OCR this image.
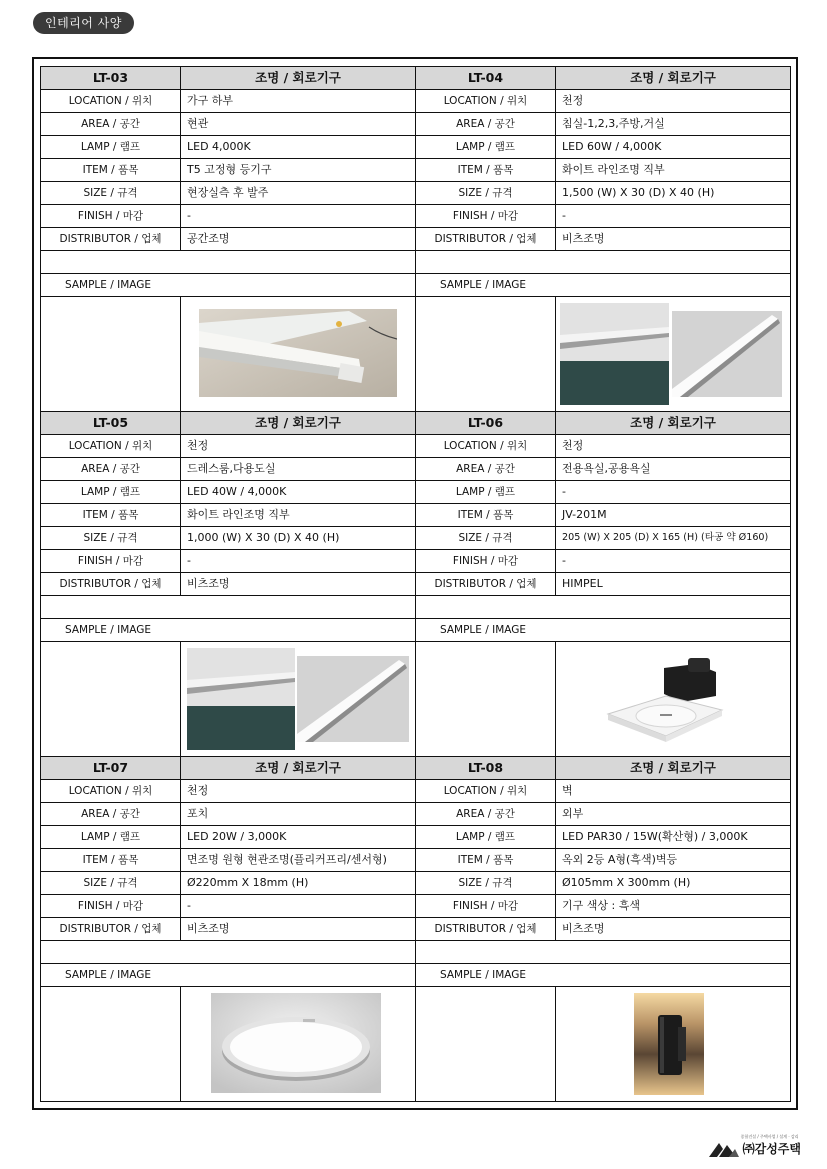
인테리어 사양
LT-03	조명 / 회로기구
LOCATION / 위치	가구 하부
AREA / 공간	현관
LAMP / 램프	LED 4,000K
ITEM / 품목	T5 고정형 등기구
SIZE / 규격	현장실측 후 발주
FINISH / 마감	-
DISTRIBUTOR / 업체	공간조명
SAMPLE / IMAGE
LT-04	조명 / 회로기구
LOCATION / 위치	천정
AREA / 공간	침실-1,2,3,주방,거실
LAMP / 램프	LED 60W / 4,000K
ITEM / 품목	화이트 라인조명 직부
SIZE / 규격	1,500 (W) X 30 (D) X 40 (H)
FINISH / 마감	-
DISTRIBUTOR / 업체	비츠조명
SAMPLE / IMAGE
LT-05	조명 / 회로기구
LOCATION / 위치	천정
AREA / 공간	드레스룸,다용도실
LAMP / 램프	LED 40W / 4,000K
ITEM / 품목	화이트 라인조명 직부
SIZE / 규격	1,000 (W) X 30 (D) X 40 (H)
FINISH / 마감	-
DISTRIBUTOR / 업체	비츠조명
SAMPLE / IMAGE
LT-06	조명 / 회로기구
LOCATION / 위치	천정
AREA / 공간	전용욕실,공용욕실
LAMP / 램프	-
ITEM / 품목	JV-201M
SIZE / 규격	205 (W) X 205 (D) X 165 (H) (타공 약 Ø160)
FINISH / 마감	-
DISTRIBUTOR / 업체	HIMPEL
SAMPLE / IMAGE
LT-07	조명 / 회로기구
LOCATION / 위치	천정
AREA / 공간	포치
LAMP / 램프	LED 20W / 3,000K
ITEM / 품목	면조명 원형 현관조명(플리커프리/센서형)
SIZE / 규격	Ø220mm X 18mm (H)
FINISH / 마감	-
DISTRIBUTOR / 업체	비츠조명
SAMPLE / IMAGE
LT-08	조명 / 회로기구
LOCATION / 위치	벽
AREA / 공간	외부
LAMP / 램프	LED PAR30 / 15W(확산형) / 3,000K
ITEM / 품목	옥외 2등 A형(흑색)벽등
SIZE / 규격	Ø105mm X 300mm (H)
FINISH / 마감	기구 색상 : 흑색
DISTRIBUTOR / 업체	비츠조명
SAMPLE / IMAGE
종합건설 / 주택사업 / 설계 · 감리
㈜감성주택
